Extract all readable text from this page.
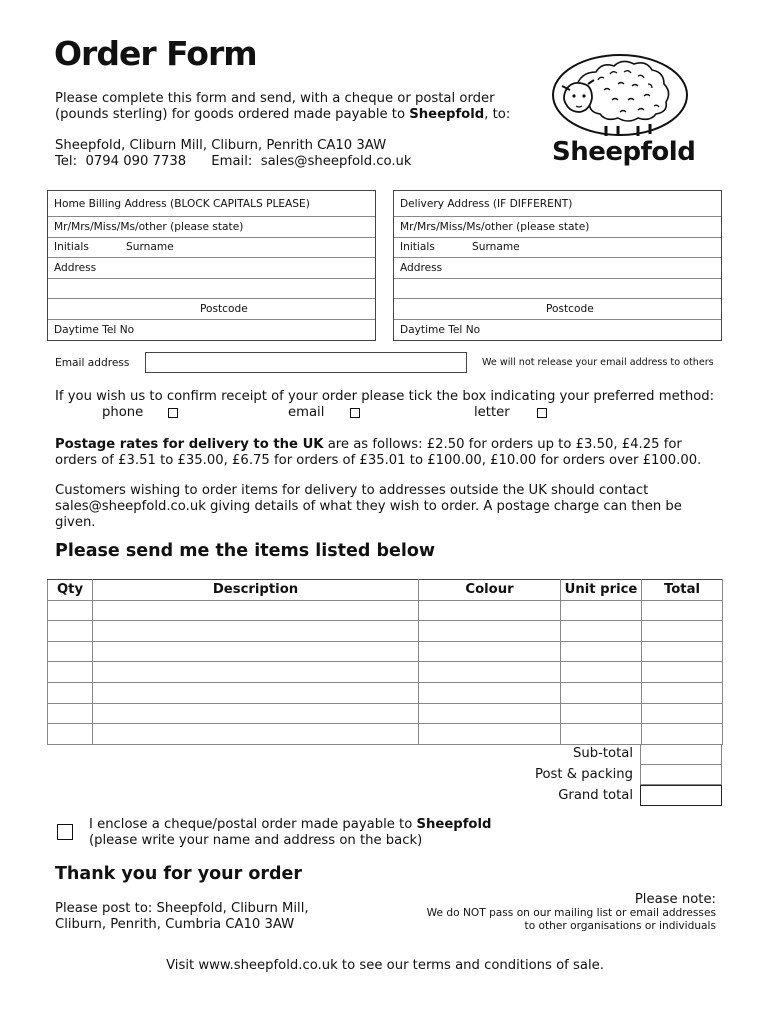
Order Form
Please complete this form and send, with a cheque or postal order
(pounds sterling) for goods ordered made payable to Sheepfold, to:
Sheepfold, Cliburn Mill, Cliburn, Penrith CA10 3AW
Tel: 0794 090 7738 Email: sales@sheepfold.co.uk	Sheepfold
Home Billing Address (BLOCK CAPITALS PLEASE)
Mr/Mrs/Miss/Ms/other (please state)
Initials	Surname
Address
Postcode
Daytime Tel No
Delivery Address (IF DIFFERENT)
Mr/Mrs/Miss/Ms/other (please state)
Initials	Surname
Address
Postcode
Daytime Tel No
Email address	We will not release your email address to others
If you wish us to confirm receipt of your order please tick the box indicating your preferred method:
phone	email	letter
Postage rates for delivery to the UK are as follows: £2.50 for orders up to £3.50, £4.25 for orders of £3.51 to £35.00, £6.75 for orders of £35.01 to £100.00, £10.00 for orders over £100.00.
Customers wishing to order items for delivery to addresses outside the UK should contact sales@sheepfold.co.uk giving details of what they wish to order. A postage charge can then be given.
Please send me the items listed below
Qty	Description	Colour	Unit price	Total

Sub-total
Post & packing
Grand total
I enclose a cheque/postal order made payable to Sheepfold
(please write your name and address on the back)
Thank you for your order
Please post to: Sheepfold, Cliburn Mill,
Cliburn, Penrith, Cumbria CA10 3AW
Please note:
We do NOT pass on our mailing list or email addresses
to other organisations or individuals
Visit www.sheepfold.co.uk to see our terms and conditions of sale.
